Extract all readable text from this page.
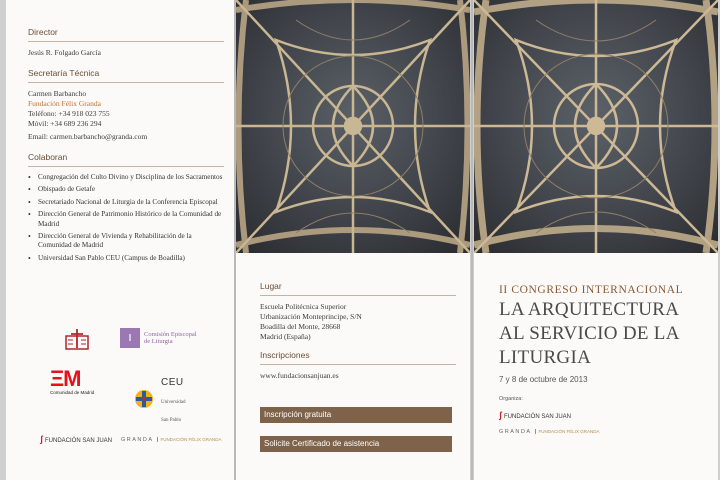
Director
Jesús R. Folgado García
Secretaría Técnica
Carmen Barbancho
Fundación Félix Granda
Teléfono: +34 918 023 755
Móvil: +34 689 236 294
Email: carmen.barbancho@granda.com
Colaboran
• Congregación del Culto Divino y Disciplina de los Sacramentos
• Obispado de Getafe
• Secretariado Nacional de Liturgia de la Conferencia Episcopal
• Dirección General de Patrimonio Histórico de la Comunidad de Madrid
• Dirección General de Vivienda y Rehabilitación de la Comunidad de Madrid
• Universidad San Pablo CEU (Campus de Boadilla)
ǁ Comisión Episcopal
de Liturgia
ΞM
Comunidad de Madrid
CEU
Universidad
San Pablo
ʃFUNDACIÓN SAN JUAN GRANDA FUNDACIÓN FÉLIX GRANDA
Lugar
Escuela Politécnica Superior
Urbanización Monteprincipe, S/N
Boadilla del Monte, 28668
Madrid (España)
Inscripciones
www.fundacionsanjuan.es
Inscripción gratuita
Solicite Certificado de asistencia
II CONGRESO INTERNACIONAL
LA ARQUITECTURA
AL SERVICIO DE LA
LITURGIA
7 y 8 de octubre de 2013
Organiza:
ʃFUNDACIÓN SAN JUAN
GRANDA FUNDACIÓN FÉLIX GRANDA
